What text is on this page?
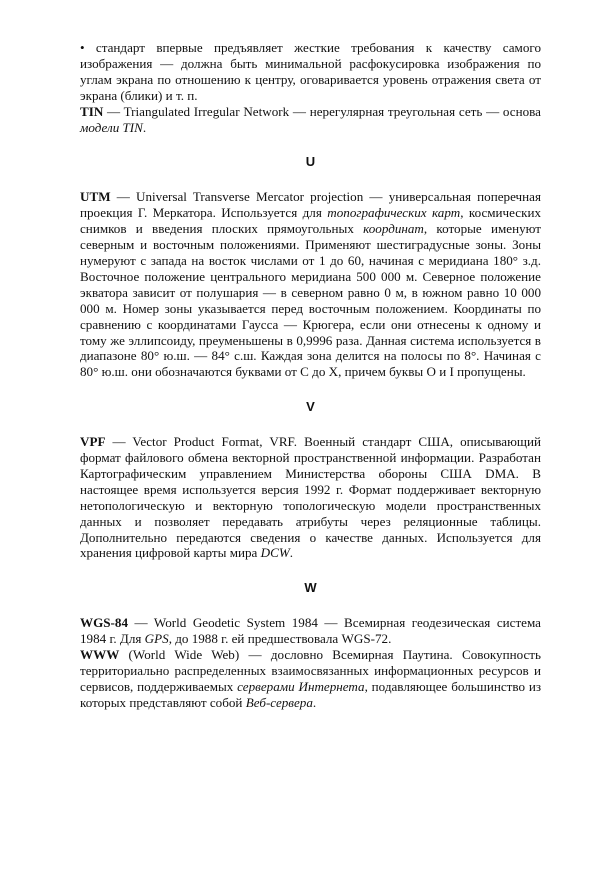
• стандарт впервые предъявляет жесткие требования к качеству самого изображения — должна быть минимальной расфокусировка изображения по углам экрана по отношению к центру, оговаривается уровень отражения света от экрана (блики) и т. п.

TIN — Triangulated Irregular Network — нерегулярная треугольная сеть — основа модели TIN.

U

UTM — Universal Transverse Mercator projection — универсальная поперечная проекция Г. Меркатора. Используется для топографических карт, космических снимков и введения плоских прямоугольных координат, которые именуют северным и восточным положениями. Применяют шестиградусные зоны. Зоны нумеруют с запада на восток числами от 1 до 60, начиная с меридиана 180° з.д. Восточное положение центрального меридиана 500 000 м. Северное положение экватора зависит от полушария — в северном равно 0 м, в южном равно 10 000 000 м. Номер зоны указывается перед восточным положением. Координаты по сравнению с координатами Гаусса — Крюгера, если они отнесены к одному и тому же эллипсоиду, преуменьшены в 0,9996 раза. Данная система используется в диапазоне 80° ю.ш. — 84° с.ш. Каждая зона делится на полосы по 8°. Начиная с 80° ю.ш. они обозначаются буквами от С до X, причем буквы О и I пропущены.

V

VPF — Vector Product Format, VRF. Военный стандарт США, описывающий формат файлового обмена векторной пространственной информации. Разработан Картографическим управлением Министерства обороны США DMA. В настоящее время используется версия 1992 г. Формат поддерживает векторную нетопологическую и векторную топологическую модели пространственных данных и позволяет передавать атрибуты через реляционные таблицы. Дополнительно передаются сведения о качестве данных. Используется для хранения цифровой карты мира DCW.

W

WGS-84 — World Geodetic System 1984 — Всемирная геодезическая система 1984 г. Для GPS, до 1988 г. ей предшествовала WGS-72.

WWW (World Wide Web) — дословно Всемирная Паутина. Совокупность территориально распределенных взаимосвязанных информационных ресурсов и сервисов, поддерживаемых серверами Интернета, подавляющее большинство из которых представляют собой Веб-сервера.
